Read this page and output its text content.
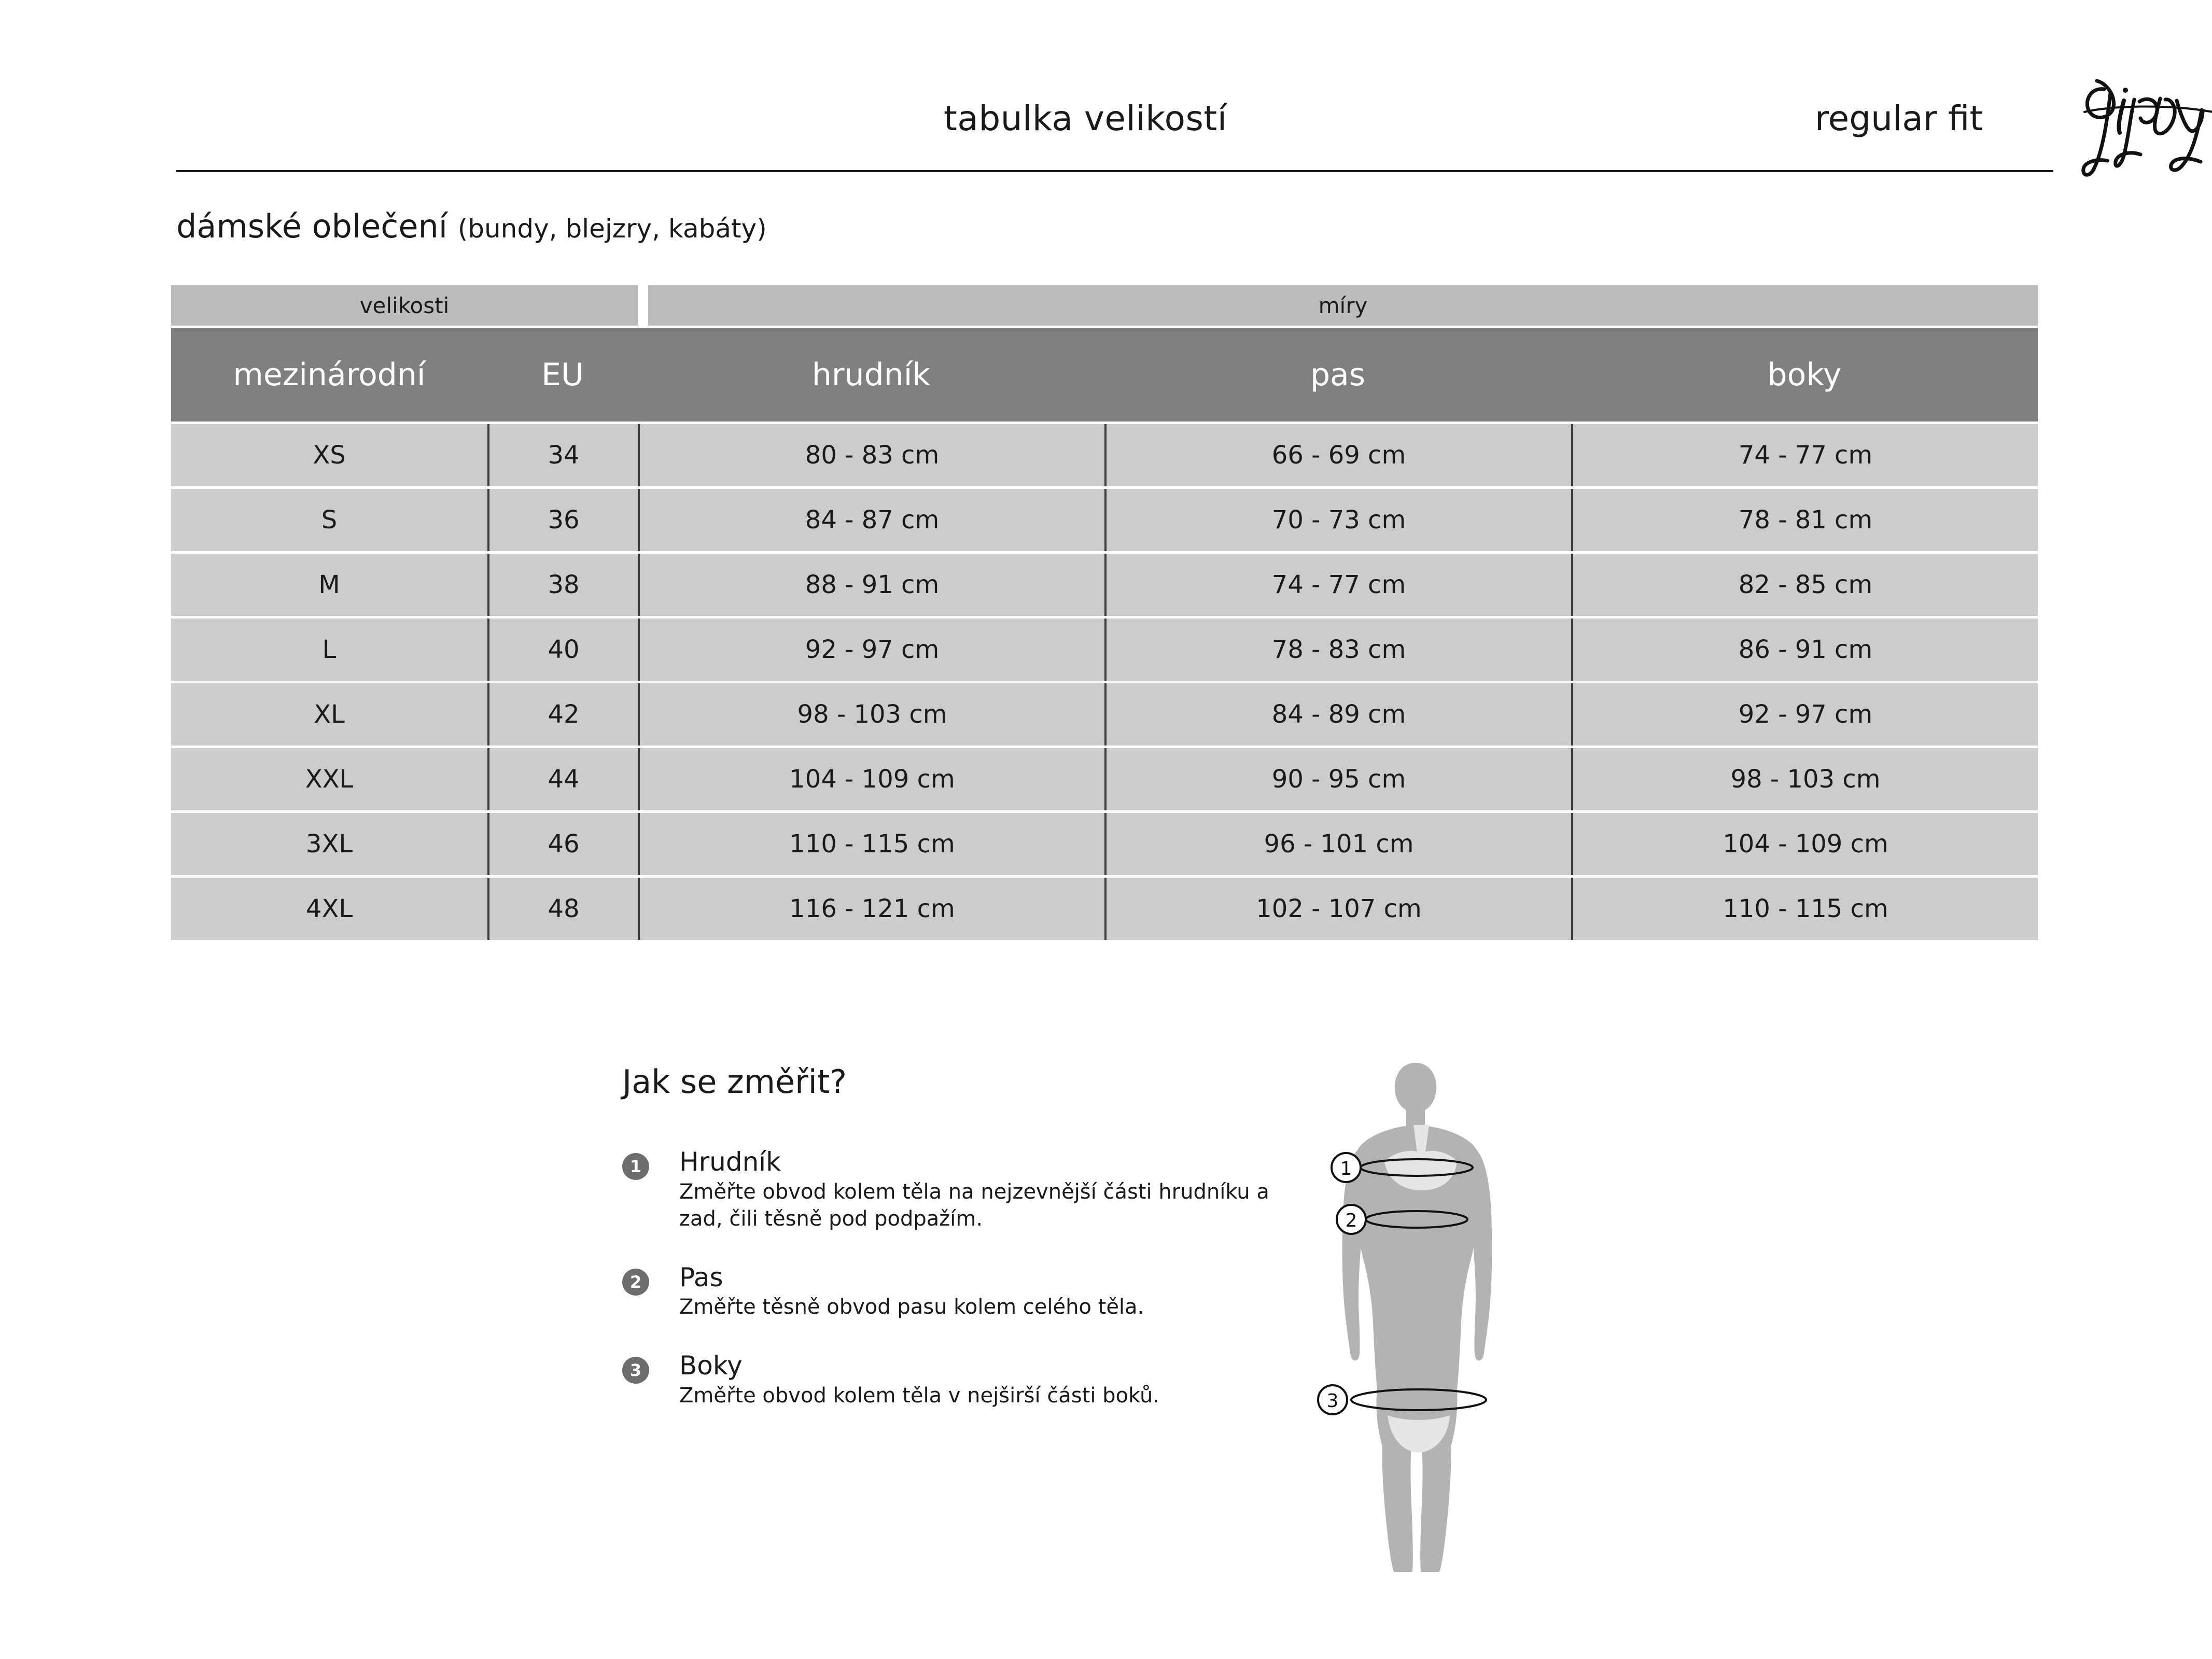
tabulka velikostí	regular fit
dámské oblečení (bundy, blejzry, kabáty)
velikosti	míry
mezinárodní	EU	hrudník	pas	boky
XS	34	80 - 83 cm	66 - 69 cm	74 - 77 cm
S	36	84 - 87 cm	70 - 73 cm	78 - 81 cm
M	38	88 - 91 cm	74 - 77 cm	82 - 85 cm
L	40	92 - 97 cm	78 - 83 cm	86 - 91 cm
XL	42	98 - 103 cm	84 - 89 cm	92 - 97 cm
XXL	44	104 - 109 cm	90 - 95 cm	98 - 103 cm
3XL	46	110 - 115 cm	96 - 101 cm	104 - 109 cm
4XL	48	116 - 121 cm	102 - 107 cm	110 - 115 cm
Jak se změřit?
1 Hrudník
Změřte obvod kolem těla na nejzevnější části hrudníku a zad, čili těsně pod podpažím.
2 Pas
Změřte těsně obvod pasu kolem celého těla.
3 Boky
Změřte obvod kolem těla v nejširší části boků.
1
2
3
